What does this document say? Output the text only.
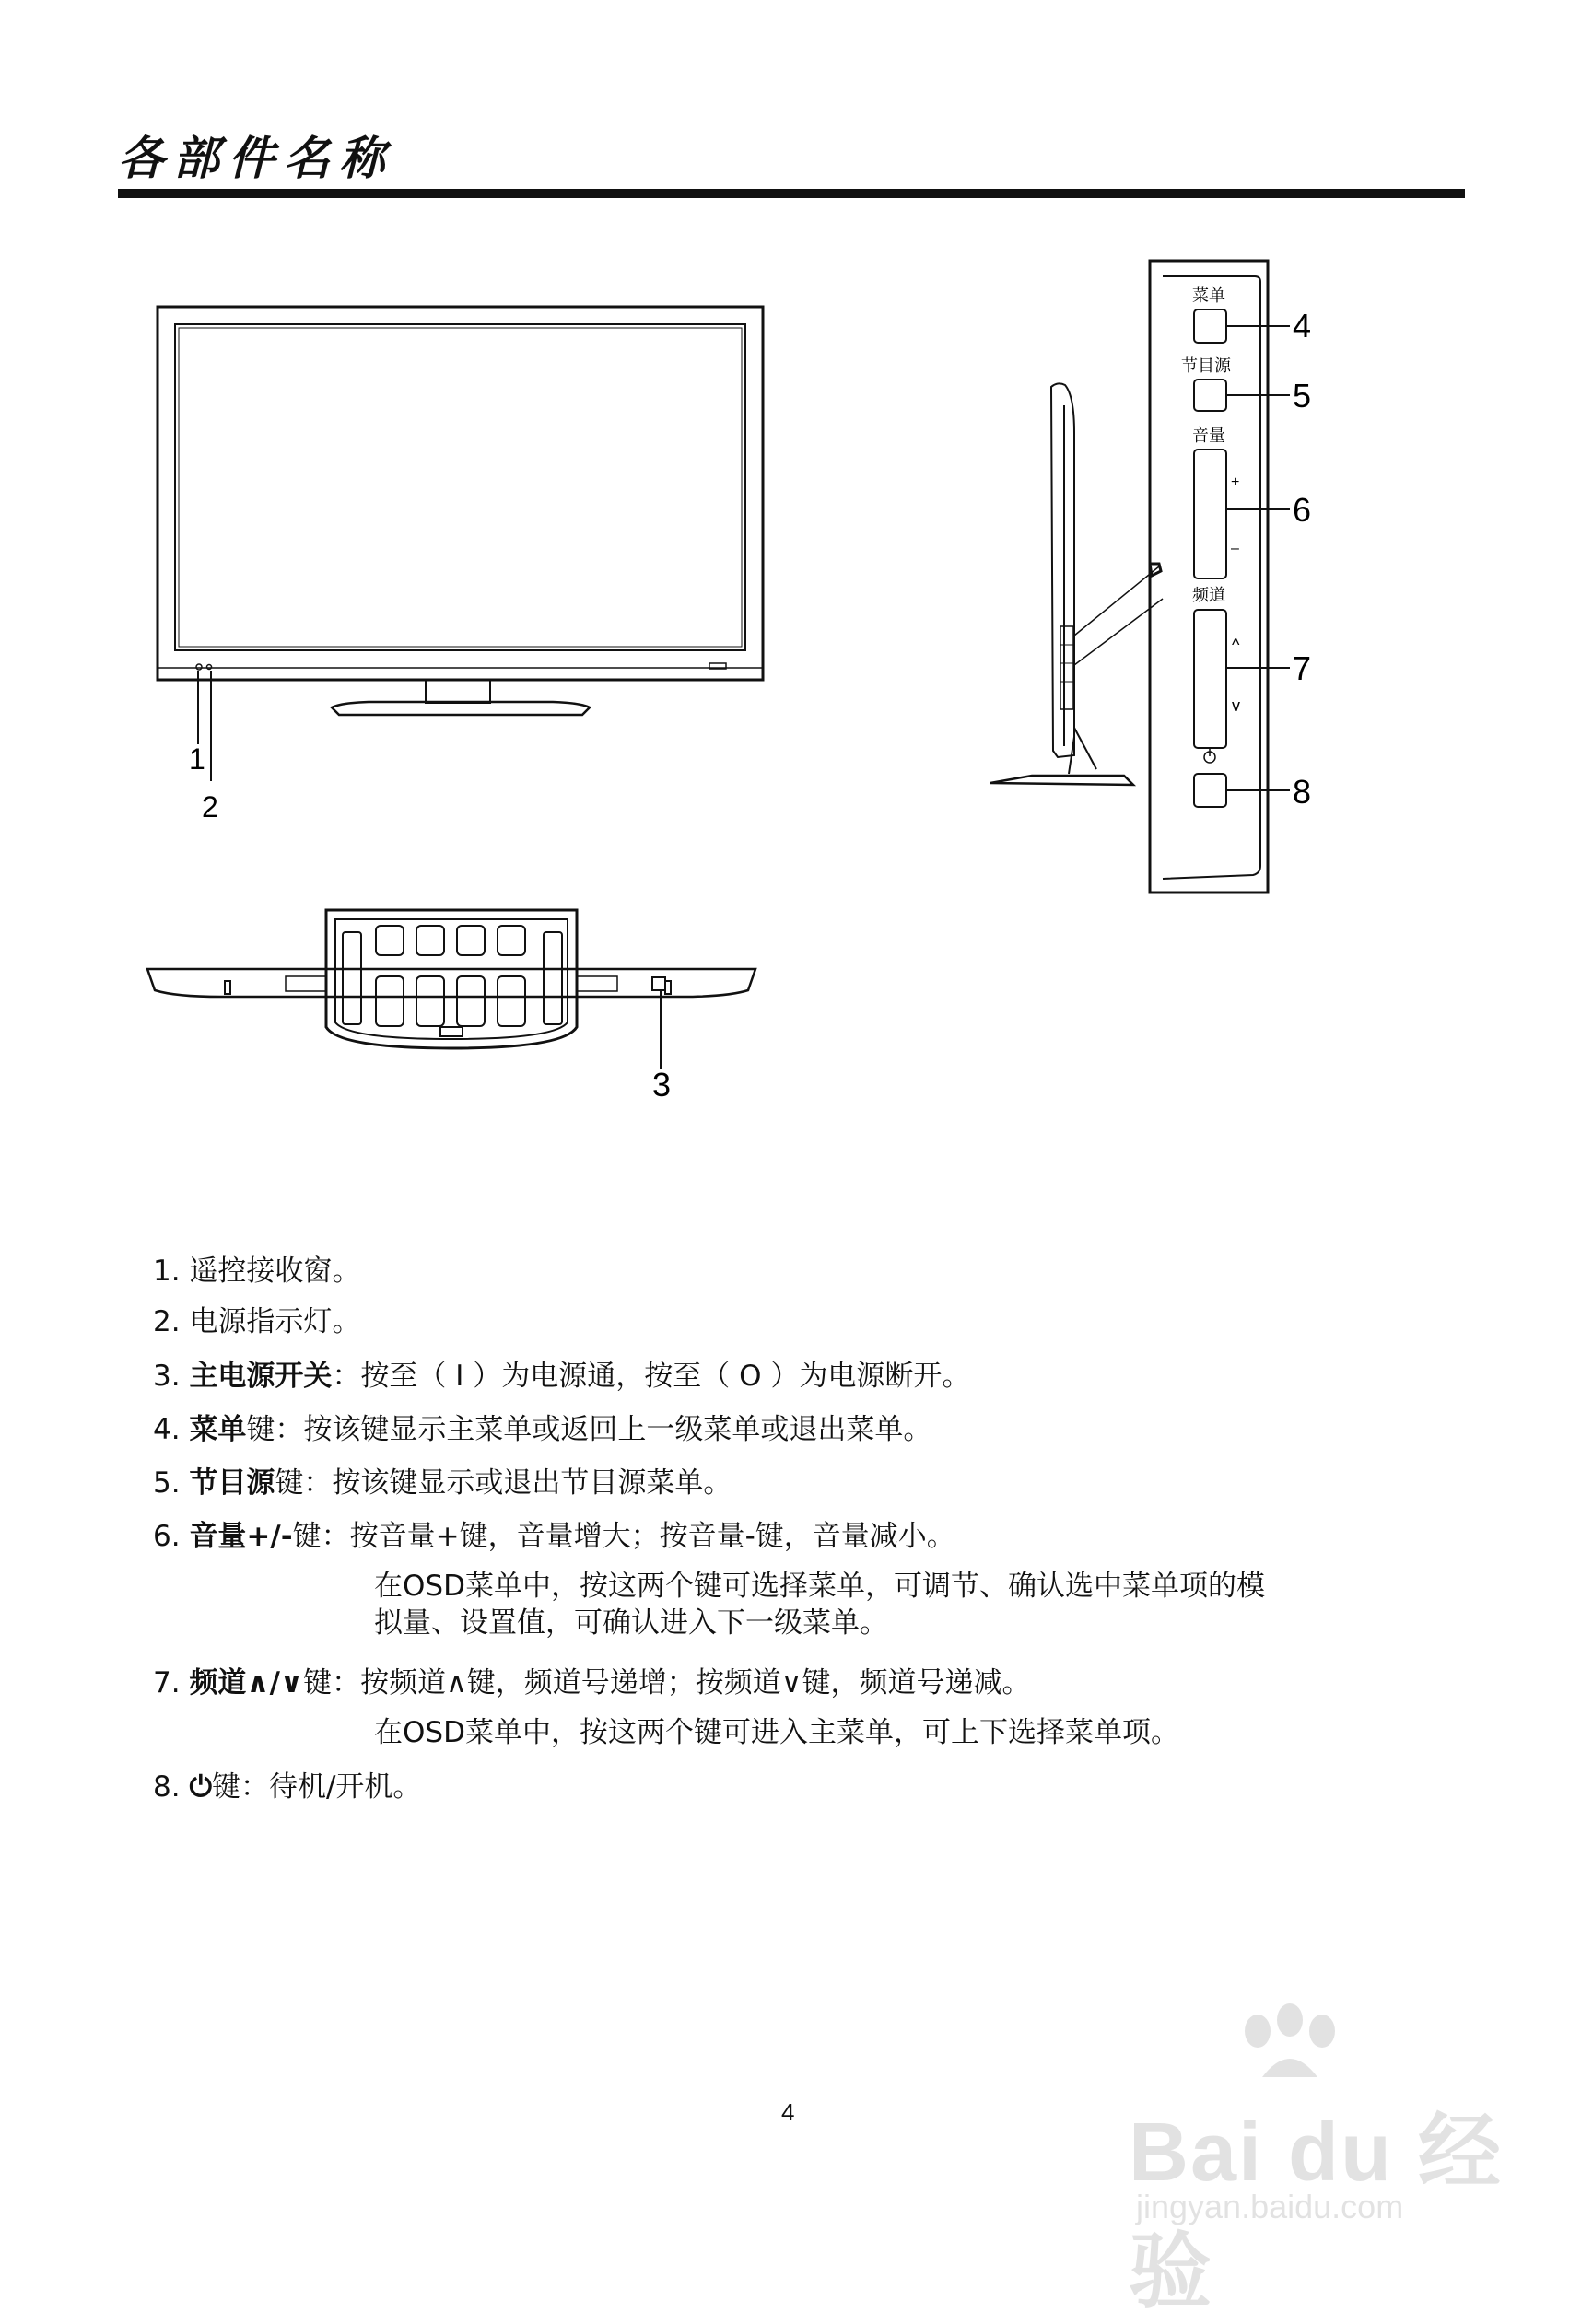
各部件名称
1
2
菜单
节目源
音量
+
–
频道
^
v
4
5
6
7
8
3
1. 遥控接收窗。
2. 电源指示灯。
3. 主电源开关：按至（ I ）为电源通，按至（ O ）为电源断开。
4. 菜单键：按该键显示主菜单或返回上一级菜单或退出菜单。
5. 节目源键：按该键显示或退出节目源菜单。
6. 音量+/-键：按音量+键，音量增大；按音量-键，音量减小。
在OSD菜单中，按这两个键可选择菜单，可调节、确认选中菜单项的模
拟量、设置值，可确认进入下一级菜单。
7. 频道∧/∨键：按频道∧键，频道号递增；按频道∨键，频道号递减。
在OSD菜单中，按这两个键可进入主菜单，可上下选择菜单项。
8. ⏻键：待机/开机。
4	Bai du 经验
jingyan.baidu.com
